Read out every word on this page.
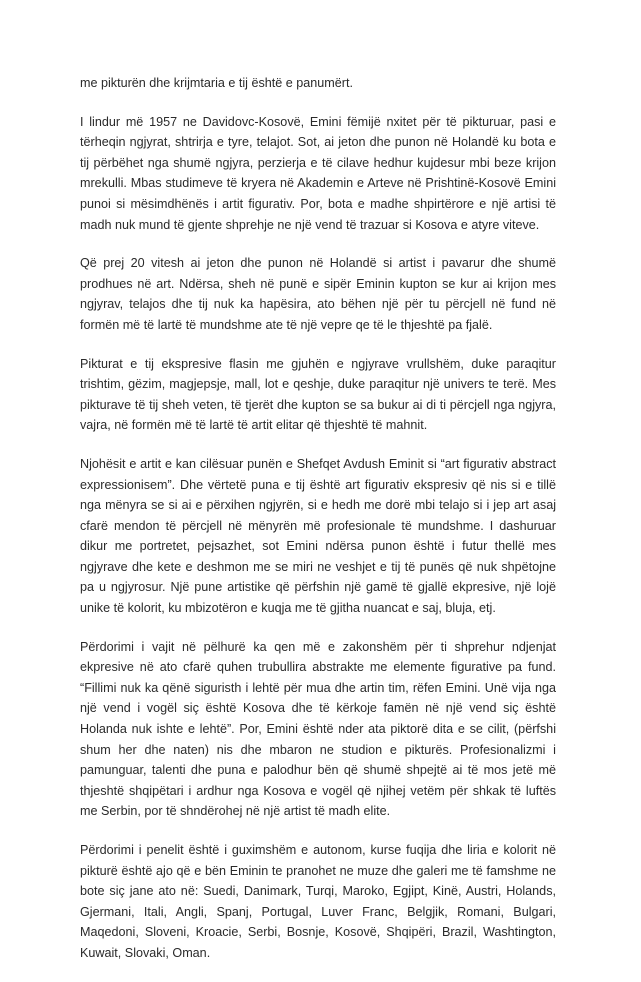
me pikturën dhe krijmtaria e tij është e panumërt.

I lindur më 1957 ne Davidovc-Kosovë, Emini fëmijë nxitet për të pikturuar, pasi e tërheqin ngjyrat, shtrirja e tyre, telajot. Sot, ai jeton dhe punon në Holandë ku bota e tij përbëhet nga shumë ngjyra, perzierja e të cilave hedhur kujdesur mbi beze krijon mrekulli. Mbas studimeve të kryera në Akademin e Arteve në Prishtinë-Kosovë Emini punoi si mësimdhënës i artit figurativ. Por, bota e madhe shpirtërore e një artisi të madh nuk mund të gjente shprehje ne një vend të trazuar si Kosova e atyre viteve.

Që prej 20 vitesh ai jeton dhe punon në Holandë si artist i pavarur dhe shumë prodhues në art. Ndërsa, sheh në punë e sipër Eminin kupton se kur ai krijon mes ngjyrav, telajos dhe tij nuk ka hapësira, ato bëhen një për tu përcjell në fund në formën më të lartë të mundshme ate të një vepre qe të le thjeshtë pa fjalë.

Pikturat e tij ekspresive flasin me gjuhën e ngjyrave vrullshëm, duke paraqitur trishtim, gëzim, magjepsje, mall, lot e qeshje, duke paraqitur një univers te terë. Mes pikturave të tij sheh veten, të tjerët dhe kupton se sa bukur ai di ti përcjell nga ngjyra, vajra, në formën më të lartë të artit elitar që thjeshtë të mahnit.

Njohësit e artit e kan cilësuar punën e Shefqet Avdush Eminit si “art figurativ abstract expressionisem”. Dhe vërtetë puna e tij është art figurativ ekspresiv që nis si e tillë nga mënyra se si ai e përxihen ngjyrën, si e hedh me dorë mbi telajo si i jep art asaj cfarë mendon të përcjell në mënyrën më profesionale të mundshme. I dashuruar dikur me portretet, pejsazhet, sot Emini ndërsa punon është i futur thellë mes ngjyrave dhe kete e deshmon me se miri ne veshjet e tij të punës që nuk shpëtojne pa u ngjyrosur. Një pune artistike që përfshin një gamë të gjallë ekpresive, një lojë unike të kolorit, ku mbizotëron e kuqja me të gjitha nuancat e saj, bluja, etj.

Përdorimi i vajit në pëlhurë ka qen më e zakonshëm për ti shprehur ndjenjat ekpresive në ato cfarë quhen trubullira abstrakte me elemente figurative pa fund. “Fillimi nuk ka qënë siguristh i lehtë për mua dhe artin tim, rëfen Emini. Unë vija nga një vend i vogël siç është Kosova dhe të kërkoje famën në një vend siç është Holanda nuk ishte e lehtë”. Por, Emini është nder ata piktorë dita e se cilit, (përfshi shum her dhe naten) nis dhe mbaron ne studion e pikturës. Profesionalizmi i pamunguar, talenti dhe puna e palodhur bën që shumë shpejtë ai të mos jetë më thjeshtë shqipëtari i ardhur nga Kosova e vogël që njihej vetëm për shkak të luftës me Serbin, por të shndërohej në një artist të madh elite.

Përdorimi i penelit është i guximshëm e autonom, kurse fuqija dhe liria e kolorit në pikturë është ajo që e bën Eminin te pranohet ne muze dhe galeri me të famshme ne bote siç jane ato në: Suedi, Danimark, Turqi, Maroko, Egjipt, Kinë, Austri, Holands, Gjermani, Itali, Angli, Spanj, Portugal, Luver Franc, Belgjik, Romani, Bulgari, Maqedoni, Sloveni, Kroacie, Serbi, Bosnje, Kosovë, Shqipëri, Brazil, Washtington, Kuwait, Slovaki, Oman.
